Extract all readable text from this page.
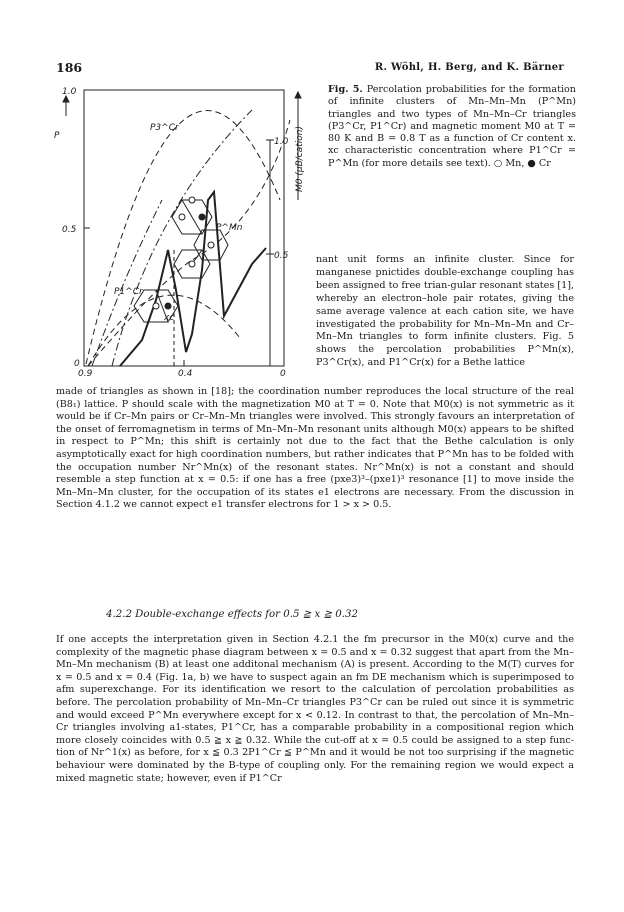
186	R. Wöhl, H. Berg, and K. Bärner
P
1.0
0.5
0
0.9	0.4	0
1.0
0.5
M0 (μB/cation)
P3^Cr
P1^Cr
P^Mn
xc
Fig. 5. Percolation probabilities for the formation of infinite clusters of Mn–Mn–Mn (P^Mn) triangles and two types of Mn–Mn–Cr triangles (P3^Cr, P1^Cr) and magnetic moment M0 at T = 80 K and B = 0.8 T as a function of Cr content x. xc characteristic concentration where P1^Cr = P^Mn (for more details see text). ○ Mn, ● Cr
nant unit forms an infinite cluster. Since for manganese pnictides double-exchange coupling has been assigned to free trian-gular resonant states [1], whereby an electron–hole pair rotates, giving the same average valence at each cation site, we have investigated the probability for Mn–Mn–Mn and Cr–Mn–Mn triangles to form infinite clusters. Fig. 5 shows the percolation probabilities P^Mn(x), P3^Cr(x), and P1^Cr(x) for a Bethe lattice

made of triangles as shown in [18]; the coordination number reproduces the local structure of the real (B8₁) lattice. P should scale with the magnetization M0 at T = 0. Note that M0(x) is not symmetric as it would be if Cr–Mn pairs or Cr–Mn–Mn triangles were involved. This strongly favours an interpretation of the onset of ferromagnetism in terms of Mn–Mn–Mn resonant units although M0(x) appears to be shifted in respect to P^Mn; this shift is certainly not due to the fact that the Bethe calculation is only asymptotically exact for high coordination numbers, but rather indicates that P^Mn has to be folded with the occupation number Nr^Mn(x) of the resonant states. Nr^Mn(x) is not a constant and should resemble a step function at x = 0.5: if one has a free (pxe3)³–(pxe1)³ resonance [1] to move inside the Mn–Mn–Mn cluster, for the occupation of its states e1 electrons are necessary. From the discussion in Section 4.1.2 we cannot expect e1 transfer electrons for 1 > x > 0.5.

4.2.2 Double-exchange effects for 0.5 ≧ x ≧ 0.32

If one accepts the interpretation given in Section 4.2.1 the fm precursor in the M0(x) curve and the complexity of the magnetic phase diagram between x = 0.5 and x = 0.32 suggest that apart from the Mn–Mn–Mn mechanism (B) at least one additonal mechanism (A) is present. According to the M(T) curves for x = 0.5 and x = 0.4 (Fig. 1a, b) we have to suspect again an fm DE mechanism which is superimposed to afm superexchange. For its identification we resort to the calculation of percolation probabilities as before. The percolation probability of Mn–Mn–Cr triangles P3^Cr can be ruled out since it is symmetric and would exceed P^Mn everywhere except for x < 0.12. In contrast to that, the percolation of Mn–Mn–Cr triangles involving a1-states, P1^Cr, has a comparable probability in a compositional region which more closely coincides with 0.5 ≧ x ≧ 0.32. While the cut-off at x = 0.5 could be assigned to a step func-tion of Nr^1(x) as before, for x ≦ 0.3 2P1^Cr ≦ P^Mn and it would be not too surprising if the magnetic behaviour were dominated by the B-type of coupling only. For the remaining region we would expect a mixed magnetic state; however, even if P1^Cr
